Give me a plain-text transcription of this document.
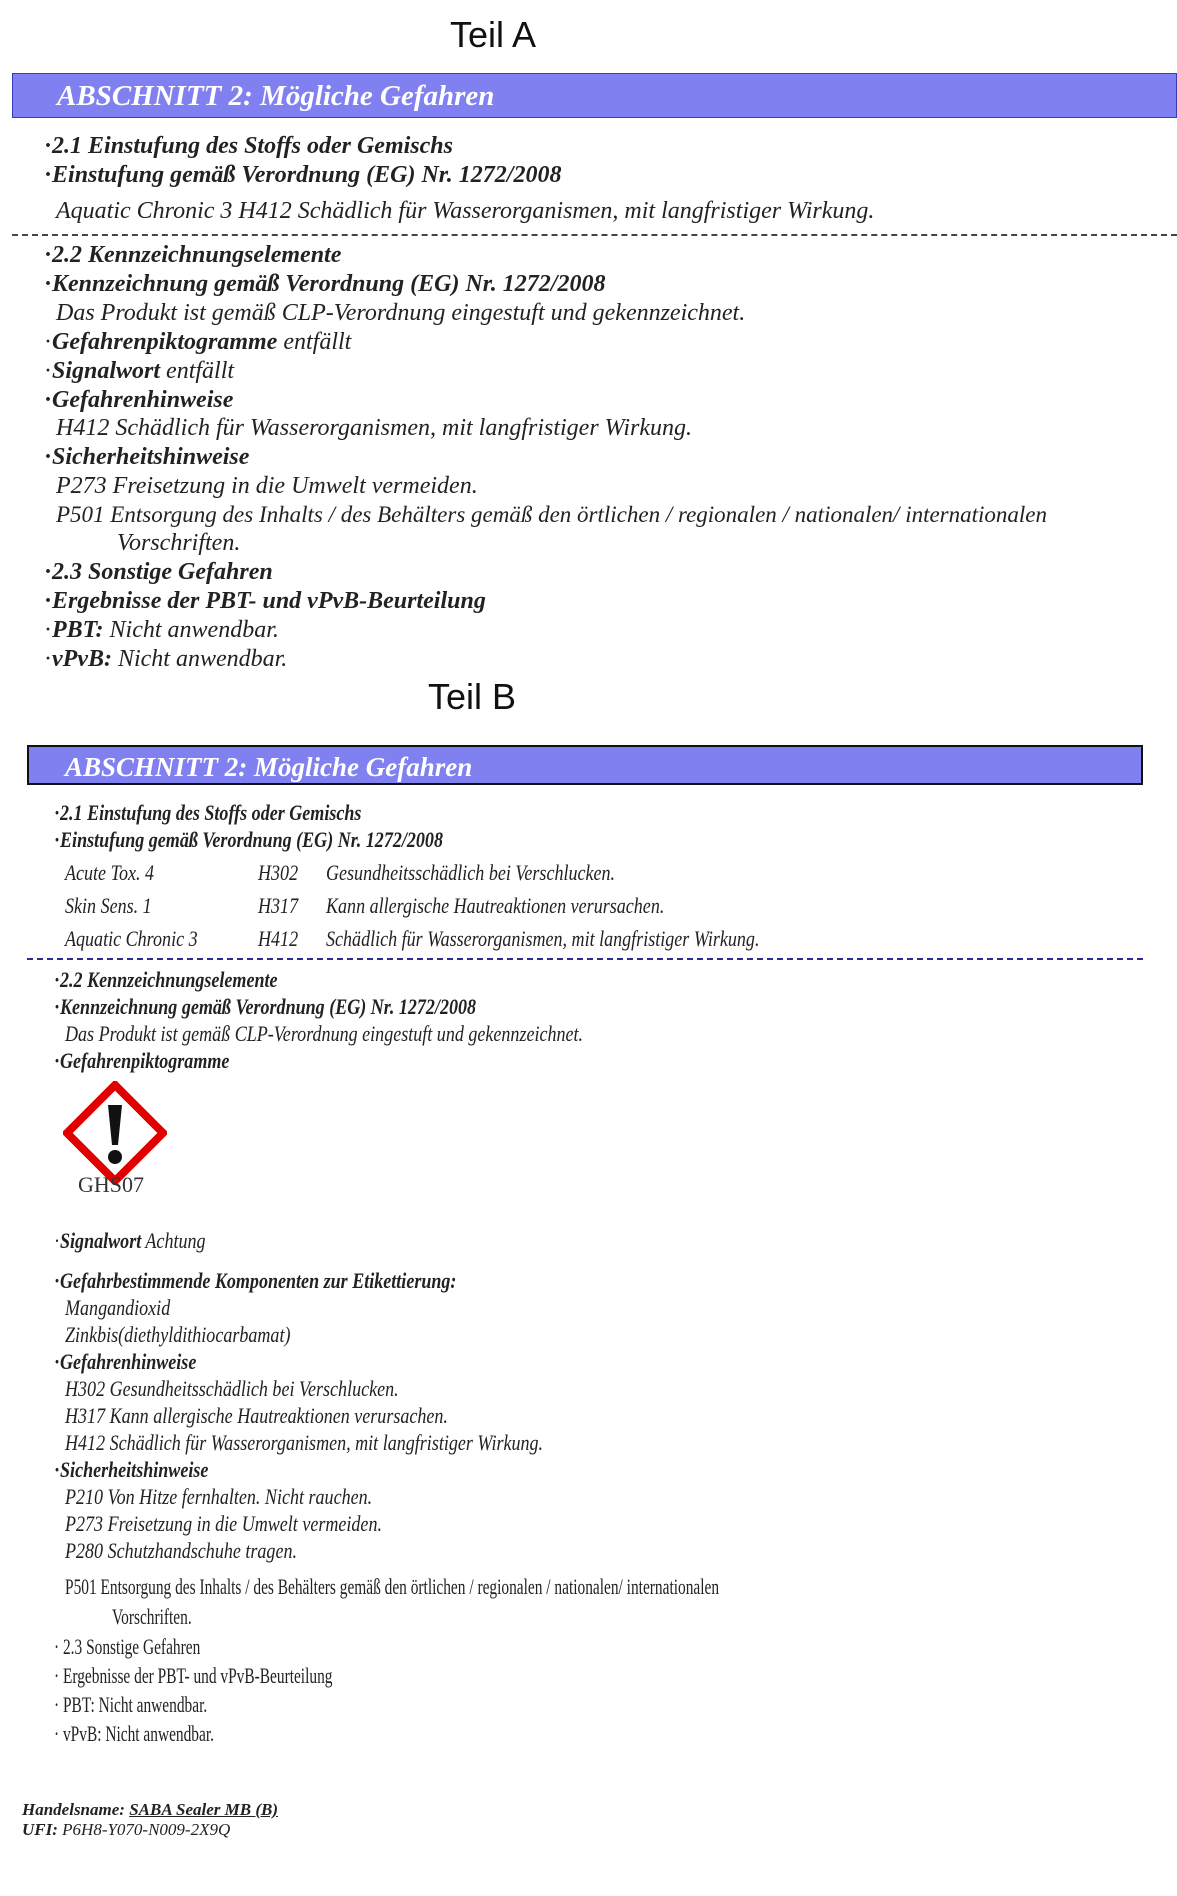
Teil A
ABSCHNITT 2: Mögliche Gefahren
·2.1 Einstufung des Stoffs oder Gemischs
·Einstufung gemäß Verordnung (EG) Nr. 1272/2008
Aquatic Chronic 3 H412 Schädlich für Wasserorganismen, mit langfristiger Wirkung.
·2.2 Kennzeichnungselemente
·Kennzeichnung gemäß Verordnung (EG) Nr. 1272/2008
Das Produkt ist gemäß CLP-Verordnung eingestuft und gekennzeichnet.
·Gefahrenpiktogramme entfällt
·Signalwort entfällt
·Gefahrenhinweise
H412 Schädlich für Wasserorganismen, mit langfristiger Wirkung.
·Sicherheitshinweise
P273 Freisetzung in die Umwelt vermeiden.
P501 Entsorgung des Inhalts / des Behälters gemäß den örtlichen / regionalen / nationalen/ internationalen
Vorschriften.
·2.3 Sonstige Gefahren
·Ergebnisse der PBT- und vPvB-Beurteilung
·PBT: Nicht anwendbar.
·vPvB: Nicht anwendbar.
Teil B
ABSCHNITT 2: Mögliche Gefahren
·2.1 Einstufung des Stoffs oder Gemischs
·Einstufung gemäß Verordnung (EG) Nr. 1272/2008
Acute Tox. 4	H302 Gesundheitsschädlich bei Verschlucken.
Skin Sens. 1	H317 Kann allergische Hautreaktionen verursachen.
Aquatic Chronic 3	H412 Schädlich für Wasserorganismen, mit langfristiger Wirkung.
·2.2 Kennzeichnungselemente
·Kennzeichnung gemäß Verordnung (EG) Nr. 1272/2008
Das Produkt ist gemäß CLP-Verordnung eingestuft und gekennzeichnet.
·Gefahrenpiktogramme
GHS07
·Signalwort Achtung
·Gefahrbestimmende Komponenten zur Etikettierung:
Mangandioxid
Zinkbis(diethyldithiocarbamat)
·Gefahrenhinweise
H302 Gesundheitsschädlich bei Verschlucken.
H317 Kann allergische Hautreaktionen verursachen.
H412 Schädlich für Wasserorganismen, mit langfristiger Wirkung.
·Sicherheitshinweise
P210 Von Hitze fernhalten. Nicht rauchen.
P273 Freisetzung in die Umwelt vermeiden.
P280 Schutzhandschuhe tragen.
P501 Entsorgung des Inhalts / des Behälters gemäß den örtlichen / regionalen / nationalen/ internationalen
Vorschriften.
· 2.3 Sonstige Gefahren
· Ergebnisse der PBT- und vPvB-Beurteilung
· PBT: Nicht anwendbar.
· vPvB: Nicht anwendbar.
Handelsname: SABA Sealer MB (B)
UFI: P6H8-Y070-N009-2X9Q
